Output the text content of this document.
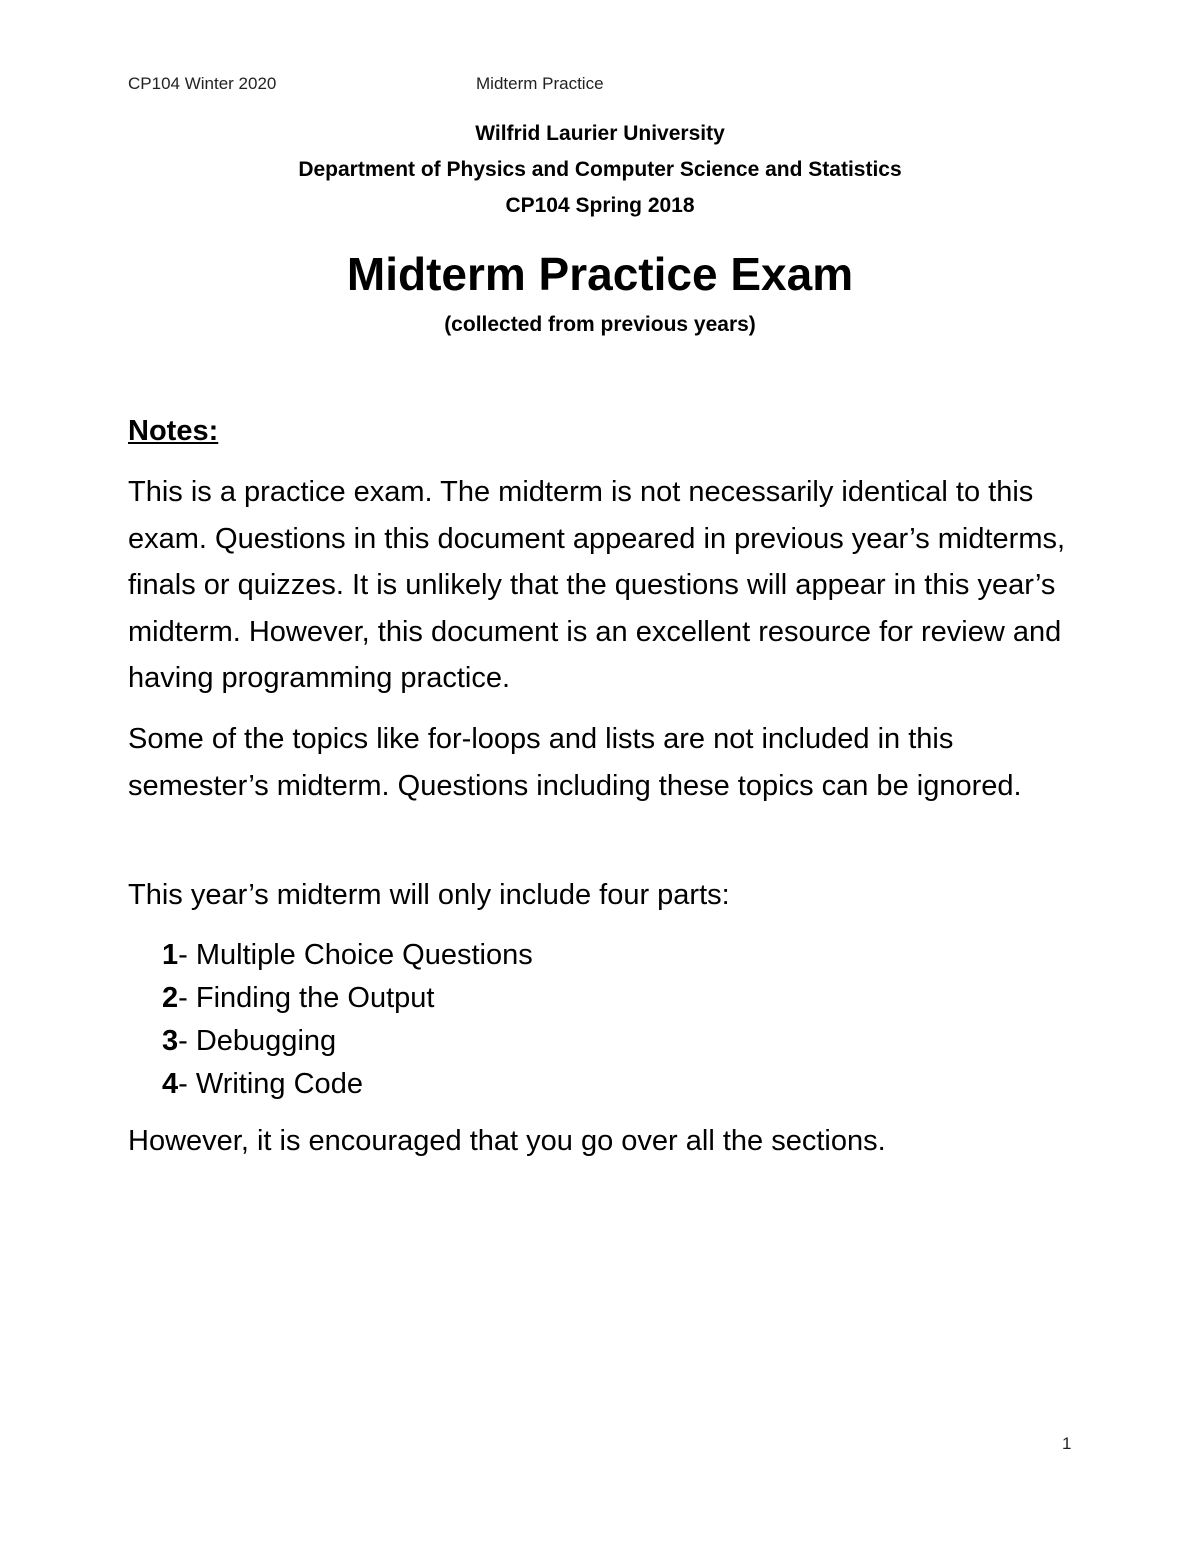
CP104 Winter 2020	Midterm Practice
Wilfrid Laurier University
Department of Physics and Computer Science and Statistics
CP104 Spring 2018
Midterm Practice Exam
(collected from previous years)
Notes:
This is a practice exam. The midterm is not necessarily identical to this exam. Questions in this document appeared in previous year’s midterms, finals or quizzes. It is unlikely that the questions will appear in this year’s midterm. However, this document is an excellent resource for review and having programming practice.
Some of the topics like for-loops and lists are not included in this semester’s midterm. Questions including these topics can be ignored.
This year’s midterm will only include four parts:
1- Multiple Choice Questions
2- Finding the Output
3- Debugging
4- Writing Code
However, it is encouraged that you go over all the sections.
1
